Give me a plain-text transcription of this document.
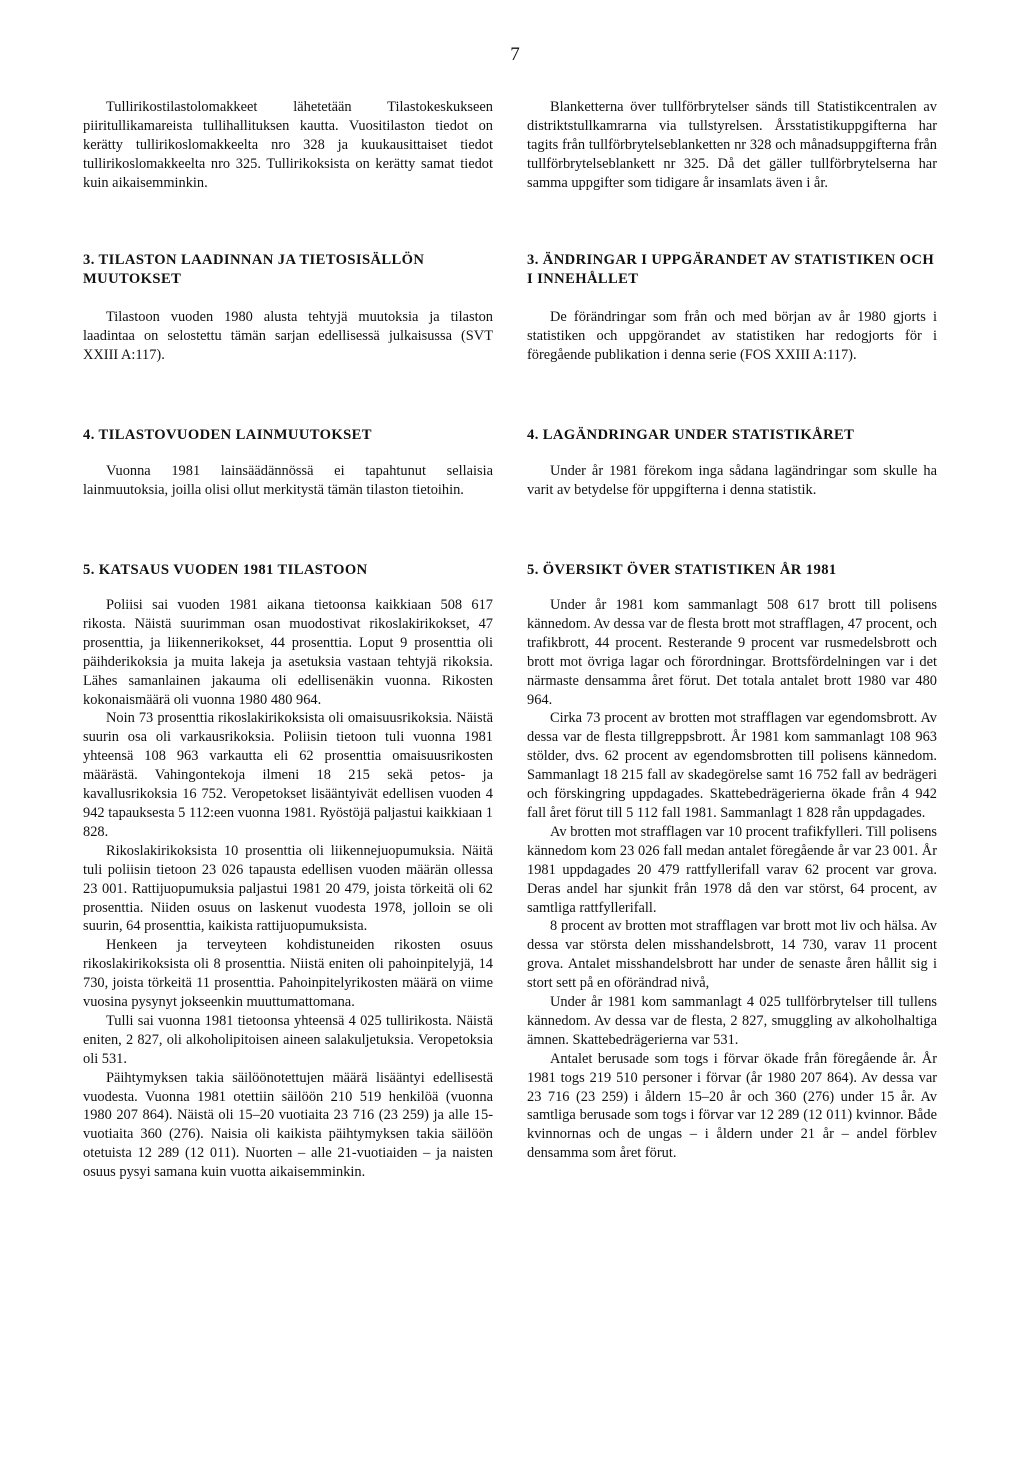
7

Tullirikostilastolomakkeet lähetetään Tilastokeskukseen piiritullikamareista tullihallituksen kautta. Vuositilaston tiedot on kerätty tullirikoslomakkeelta nro 328 ja kuukausittaiset tiedot tullirikoslomakkeelta nro 325. Tullirikoksista on kerätty samat tiedot kuin aikaisemminkin.

3. TILASTON LAADINNAN JA TIETOSISÄLLÖN MUUTOKSET

Tilastoon vuoden 1980 alusta tehtyjä muutoksia ja tilaston laadintaa on selostettu tämän sarjan edellisessä julkaisussa (SVT XXIII A:117).

4. TILASTOVUODEN LAINMUUTOKSET

Vuonna 1981 lainsäädännössä ei tapahtunut sellaisia lainmuutoksia, joilla olisi ollut merkitystä tämän tilaston tietoihin.

5. KATSAUS VUODEN 1981 TILASTOON

Poliisi sai vuoden 1981 aikana tietoonsa kaikkiaan 508 617 rikosta. Näistä suurimman osan muodostivat rikoslakirikokset, 47 prosenttia, ja liikennerikokset, 44 prosenttia. Loput 9 prosenttia oli päihderikoksia ja muita lakeja ja asetuksia vastaan tehtyjä rikoksia. Lähes samanlainen jakauma oli edellisenäkin vuonna. Rikosten kokonaismäärä oli vuonna 1980 480 964.

Noin 73 prosenttia rikoslakirikoksista oli omaisuusrikoksia. Näistä suurin osa oli varkausrikoksia. Poliisin tietoon tuli vuonna 1981 yhteensä 108 963 varkautta eli 62 prosenttia omaisuusrikosten määrästä. Vahingontekoja ilmeni 18 215 sekä petos- ja kavallusrikoksia 16 752. Veropetokset lisääntyivät edellisen vuoden 4 942 tapauksesta 5 112:een vuonna 1981. Ryöstöjä paljastui kaikkiaan 1 828.

Rikoslakirikoksista 10 prosenttia oli liikennejuopumuksia. Näitä tuli poliisin tietoon 23 026 tapausta edellisen vuoden määrän ollessa 23 001. Rattijuopumuksia paljastui 1981 20 479, joista törkeitä oli 62 prosenttia. Niiden osuus on laskenut vuodesta 1978, jolloin se oli suurin, 64 prosenttia, kaikista rattijuopumuksista.

Henkeen ja terveyteen kohdistuneiden rikosten osuus rikoslakirikoksista oli 8 prosenttia. Niistä eniten oli pahoinpitelyjä, 14 730, joista törkeitä 11 prosenttia. Pahoinpitelyrikosten määrä on viime vuosina pysynyt jokseenkin muuttumattomana.

Tulli sai vuonna 1981 tietoonsa yhteensä 4 025 tullirikosta. Näistä eniten, 2 827, oli alkoholipitoisen aineen salakuljetuksia. Veropetoksia oli 531.

Päihtymyksen takia säilöönotettujen määrä lisääntyi edellisestä vuodesta. Vuonna 1981 otettiin säilöön 210 519 henkilöä (vuonna 1980 207 864). Näistä oli 15–20 vuotiaita 23 716 (23 259) ja alle 15-vuotiaita 360 (276). Naisia oli kaikista päihtymyksen takia säilöön otetuista 12 289 (12 011). Nuorten – alle 21-vuotiaiden – ja naisten osuus pysyi samana kuin vuotta aikaisemminkin.

Blanketterna över tullförbrytelser sänds till Statistikcentralen av distriktstullkamrarna via tullstyrelsen. Årsstatistikuppgifterna har tagits från tullförbrytelseblanketten nr 328 och månadsuppgifterna från tullförbrytelseblankett nr 325. Då det gäller tullförbrytelserna har samma uppgifter som tidigare år insamlats även i år.

3. ÄNDRINGAR I UPPGÄRANDET AV STATISTIKEN OCH I INNEHÅLLET

De förändringar som från och med början av år 1980 gjorts i statistiken och uppgörandet av statistiken har redogjorts för i föregående publikation i denna serie (FOS XXIII A:117).

4. LAGÄNDRINGAR UNDER STATISTIKÅRET

Under år 1981 förekom inga sådana lagändringar som skulle ha varit av betydelse för uppgifterna i denna statistik.

5. ÖVERSIKT ÖVER STATISTIKEN ÅR 1981

Under år 1981 kom sammanlagt 508 617 brott till polisens kännedom. Av dessa var de flesta brott mot strafflagen, 47 procent, och trafikbrott, 44 procent. Resterande 9 procent var rusmedelsbrott och brott mot övriga lagar och förordningar. Brottsfördelningen var i det närmaste densamma året förut. Det totala antalet brott 1980 var 480 964.

Cirka 73 procent av brotten mot strafflagen var egendomsbrott. Av dessa var de flesta tillgreppsbrott. År 1981 kom sammanlagt 108 963 stölder, dvs. 62 procent av egendomsbrotten till polisens kännedom. Sammanlagt 18 215 fall av skadegörelse samt 16 752 fall av bedrägeri och förskingring uppdagades. Skattebedrägerierna ökade från 4 942 fall året förut till 5 112 fall 1981. Sammanlagt 1 828 rån uppdagades.

Av brotten mot strafflagen var 10 procent trafikfylleri. Till polisens kännedom kom 23 026 fall medan antalet föregående år var 23 001. År 1981 uppdagades 20 479 rattfyllerifall varav 62 procent var grova. Deras andel har sjunkit från 1978 då den var störst, 64 procent, av samtliga rattfyllerifall.

8 procent av brotten mot strafflagen var brott mot liv och hälsa. Av dessa var största delen misshandelsbrott, 14 730, varav 11 procent grova. Antalet misshandelsbrott har under de senaste åren hållit sig i stort sett på en oförändrad nivå,

Under år 1981 kom sammanlagt 4 025 tullförbrytelser till tullens kännedom. Av dessa var de flesta, 2 827, smuggling av alkoholhaltiga ämnen. Skattebedrägerierna var 531.

Antalet berusade som togs i förvar ökade från föregående år. År 1981 togs 219 510 personer i förvar (år 1980 207 864). Av dessa var 23 716 (23 259) i åldern 15–20 år och 360 (276) under 15 år. Av samtliga berusade som togs i förvar var 12 289 (12 011) kvinnor. Både kvinnornas och de ungas – i åldern under 21 år – andel förblev densamma som året förut.
